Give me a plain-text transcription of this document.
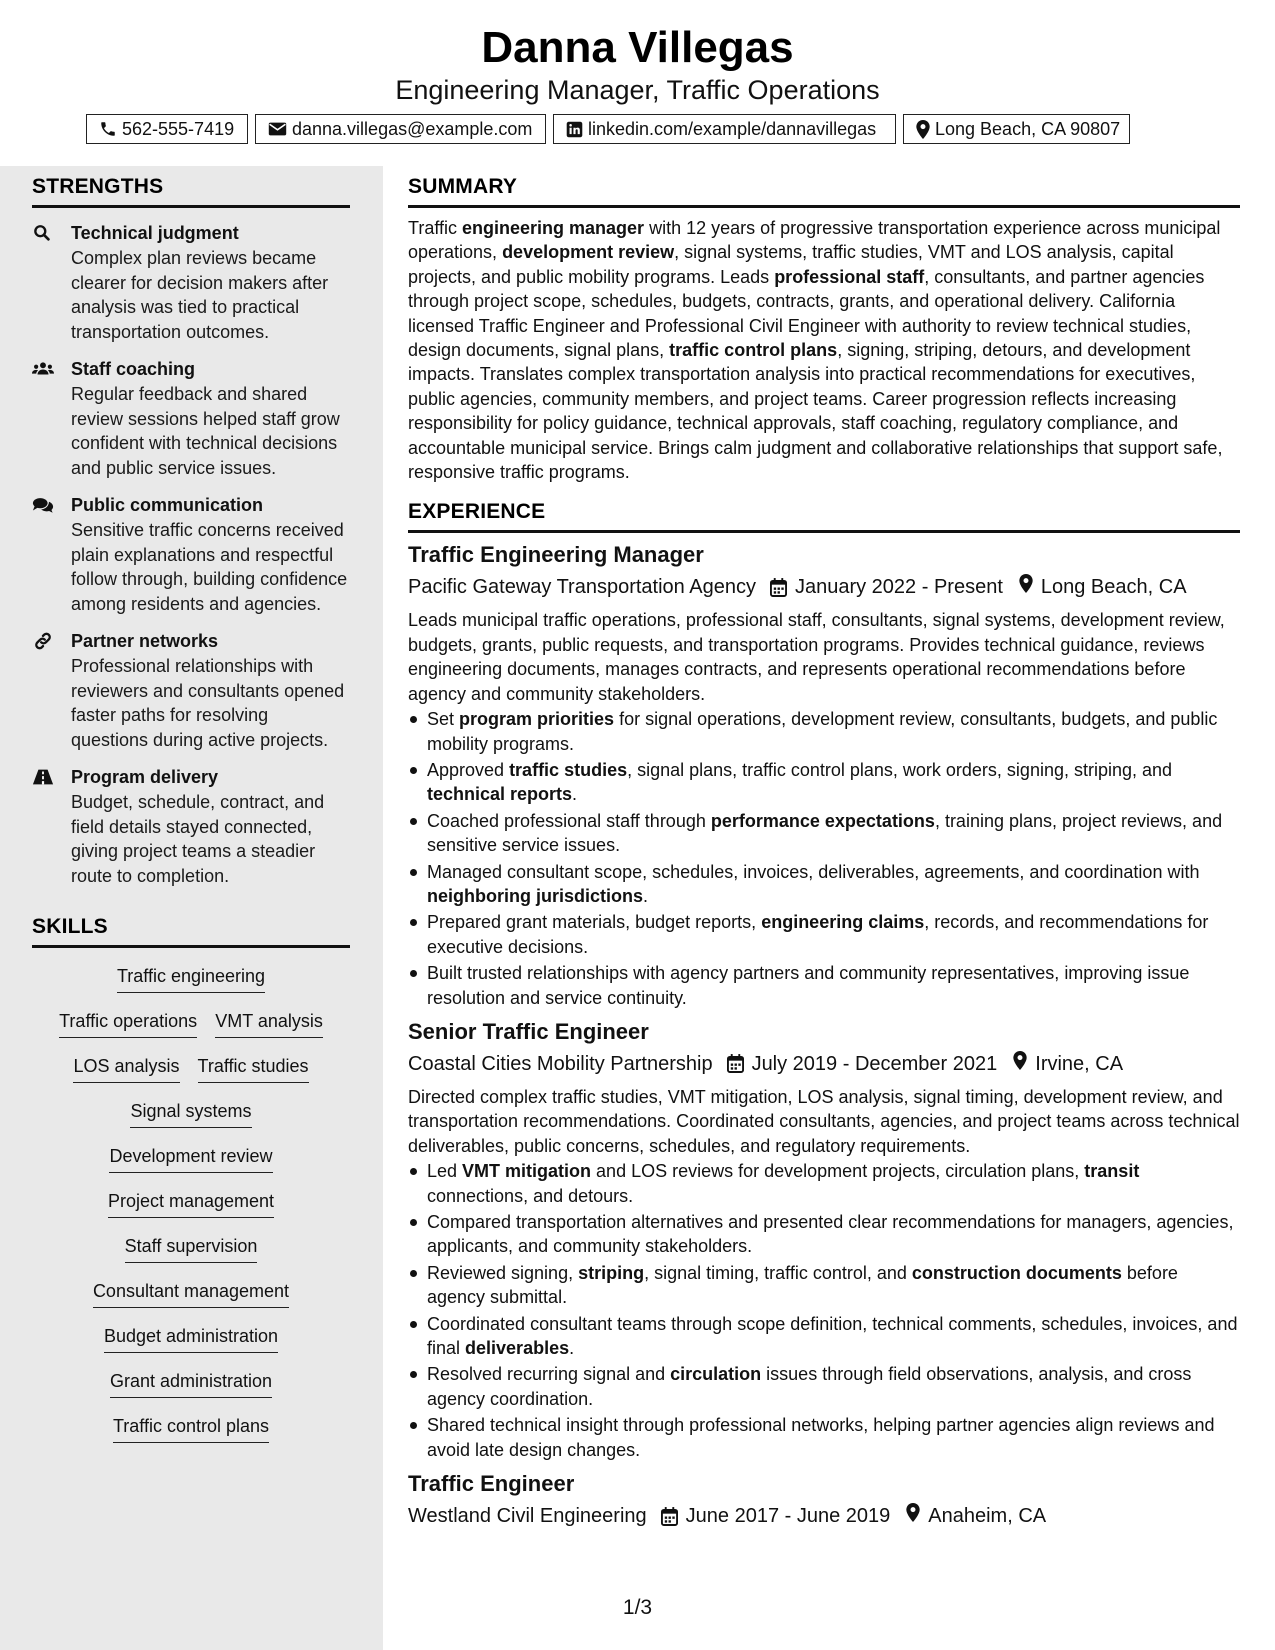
Danna Villegas
Engineering Manager, Traffic Operations
562-555-7419	danna.villegas@example.com	linkedin.com/example/dannavillegas	Long Beach, CA 90807
STRENGTHS
Technical judgment
Complex plan reviews became clearer for decision makers after analysis was tied to practical transportation outcomes.
Staff coaching
Regular feedback and shared review sessions helped staff grow confident with technical decisions and public service issues.
Public communication
Sensitive traffic concerns received plain explanations and respectful follow through, building confidence among residents and agencies.
Partner networks
Professional relationships with reviewers and consultants opened faster paths for resolving questions during active projects.
Program delivery
Budget, schedule, contract, and field details stayed connected, giving project teams a steadier route to completion.
SKILLS
Traffic engineering
Traffic operations VMT analysis
LOS analysis Traffic studies
Signal systems
Development review
Project management
Staff supervision
Consultant management
Budget administration
Grant administration
Traffic control plans
SUMMARY
Traffic engineering manager with 12 years of progressive transportation experience across municipal operations, development review, signal systems, traffic studies, VMT and LOS analysis, capital projects, and public mobility programs. Leads professional staff, consultants, and partner agencies through project scope, schedules, budgets, contracts, grants, and operational delivery. California licensed Traffic Engineer and Professional Civil Engineer with authority to review technical studies, design documents, signal plans, traffic control plans, signing, striping, detours, and development impacts. Translates complex transportation analysis into practical recommendations for executives, public agencies, community members, and project teams. Career progression reflects increasing responsibility for policy guidance, technical approvals, staff coaching, regulatory compliance, and accountable municipal service. Brings calm judgment and collaborative relationships that support safe, responsive traffic programs.
EXPERIENCE
Traffic Engineering Manager
Pacific Gateway Transportation Agency January 2022 - Present Long Beach, CA
Leads municipal traffic operations, professional staff, consultants, signal systems, development review, budgets, grants, public requests, and transportation programs. Provides technical guidance, reviews engineering documents, manages contracts, and represents operational recommendations before agency and community stakeholders.
Set program priorities for signal operations, development review, consultants, budgets, and public mobility programs.
Approved traffic studies, signal plans, traffic control plans, work orders, signing, striping, and technical reports.
Coached professional staff through performance expectations, training plans, project reviews, and sensitive service issues.
Managed consultant scope, schedules, invoices, deliverables, agreements, and coordination with neighboring jurisdictions.
Prepared grant materials, budget reports, engineering claims, records, and recommendations for executive decisions.
Built trusted relationships with agency partners and community representatives, improving issue resolution and service continuity.
Senior Traffic Engineer
Coastal Cities Mobility Partnership July 2019 - December 2021 Irvine, CA
Directed complex traffic studies, VMT mitigation, LOS analysis, signal timing, development review, and transportation recommendations. Coordinated consultants, agencies, and project teams across technical deliverables, public concerns, schedules, and regulatory requirements.
Led VMT mitigation and LOS reviews for development projects, circulation plans, transit connections, and detours.
Compared transportation alternatives and presented clear recommendations for managers, agencies, applicants, and community stakeholders.
Reviewed signing, striping, signal timing, traffic control, and construction documents before agency submittal.
Coordinated consultant teams through scope definition, technical comments, schedules, invoices, and final deliverables.
Resolved recurring signal and circulation issues through field observations, analysis, and cross agency coordination.
Shared technical insight through professional networks, helping partner agencies align reviews and avoid late design changes.
Traffic Engineer
Westland Civil Engineering June 2017 - June 2019 Anaheim, CA
1/3
